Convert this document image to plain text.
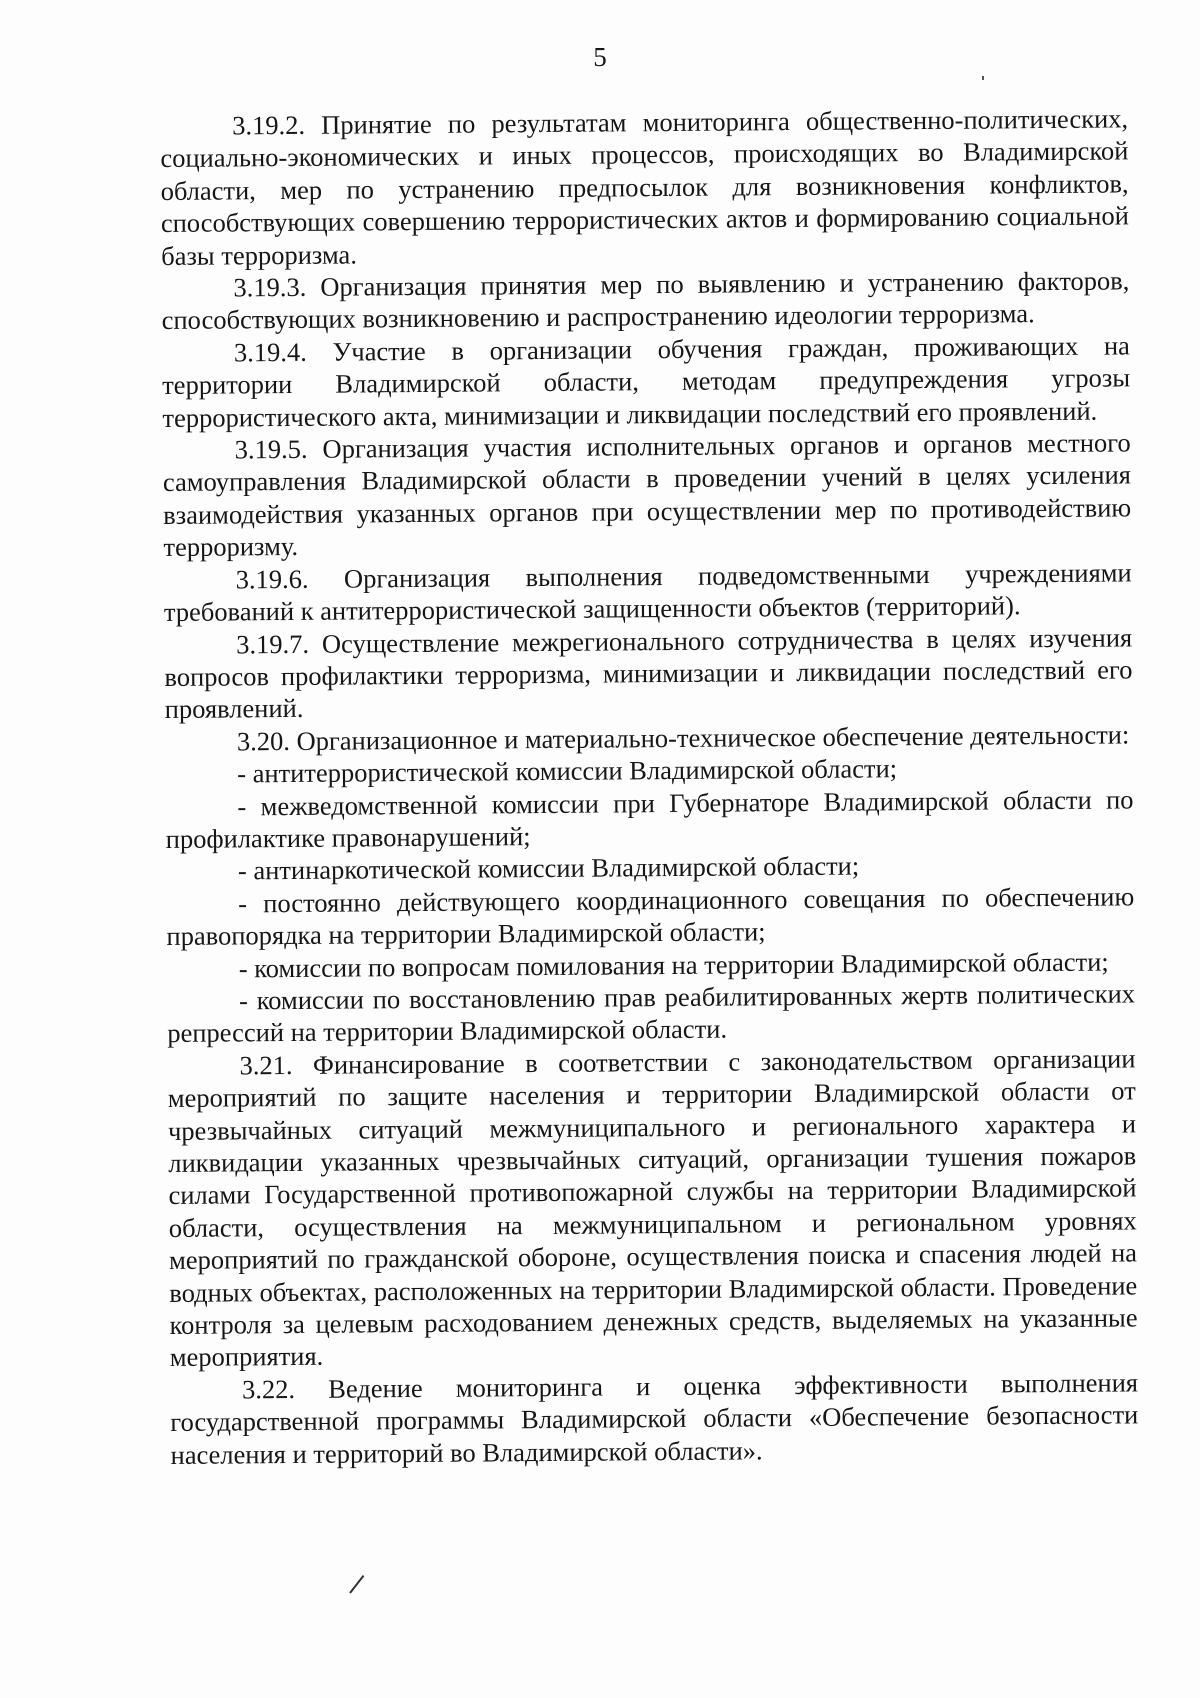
5

3.19.2. Принятие по результатам мониторинга общественно-политических, социально-экономических и иных процессов, происходящих во Владимирской области, мер по устранению предпосылок для возникновения конфликтов, способствующих совершению террористических актов и формированию социальной базы терроризма.

3.19.3. Организация принятия мер по выявлению и устранению факторов, способствующих возникновению и распространению идеологии терроризма.

3.19.4. Участие в организации обучения граждан, проживающих на территории Владимирской области, методам предупреждения угрозы террористического акта, минимизации и ликвидации последствий его проявлений.

3.19.5. Организация участия исполнительных органов и органов местного самоуправления Владимирской области в проведении учений в целях усиления взаимодействия указанных органов при осуществлении мер по противодействию терроризму.

3.19.6. Организация выполнения подведомственными учреждениями требований к антитеррористической защищенности объектов (территорий).

3.19.7. Осуществление межрегионального сотрудничества в целях изучения вопросов профилактики терроризма, минимизации и ликвидации последствий его проявлений.

3.20. Организационное и материально-техническое обеспечение деятельности:

- антитеррористической комиссии Владимирской области;

- межведомственной комиссии при Губернаторе Владимирской области по профилактике правонарушений;

- антинаркотической комиссии Владимирской области;

- постоянно действующего координационного совещания по обеспечению правопорядка на территории Владимирской области;

- комиссии по вопросам помилования на территории Владимирской области;

- комиссии по восстановлению прав реабилитированных жертв политических репрессий на территории Владимирской области.

3.21. Финансирование в соответствии с законодательством организации мероприятий по защите населения и территории Владимирской области от чрезвычайных ситуаций межмуниципального и регионального характера и ликвидации указанных чрезвычайных ситуаций, организации тушения пожаров силами Государственной противопожарной службы на территории Владимирской области, осуществления на межмуниципальном и региональном уровнях мероприятий по гражданской обороне, осуществления поиска и спасения людей на водных объектах, расположенных на территории Владимирской области. Проведение контроля за целевым расходованием денежных средств, выделяемых на указанные мероприятия.

3.22. Ведение мониторинга и оценка эффективности выполнения государственной программы Владимирской области «Обеспечение безопасности населения и территорий во Владимирской области».
